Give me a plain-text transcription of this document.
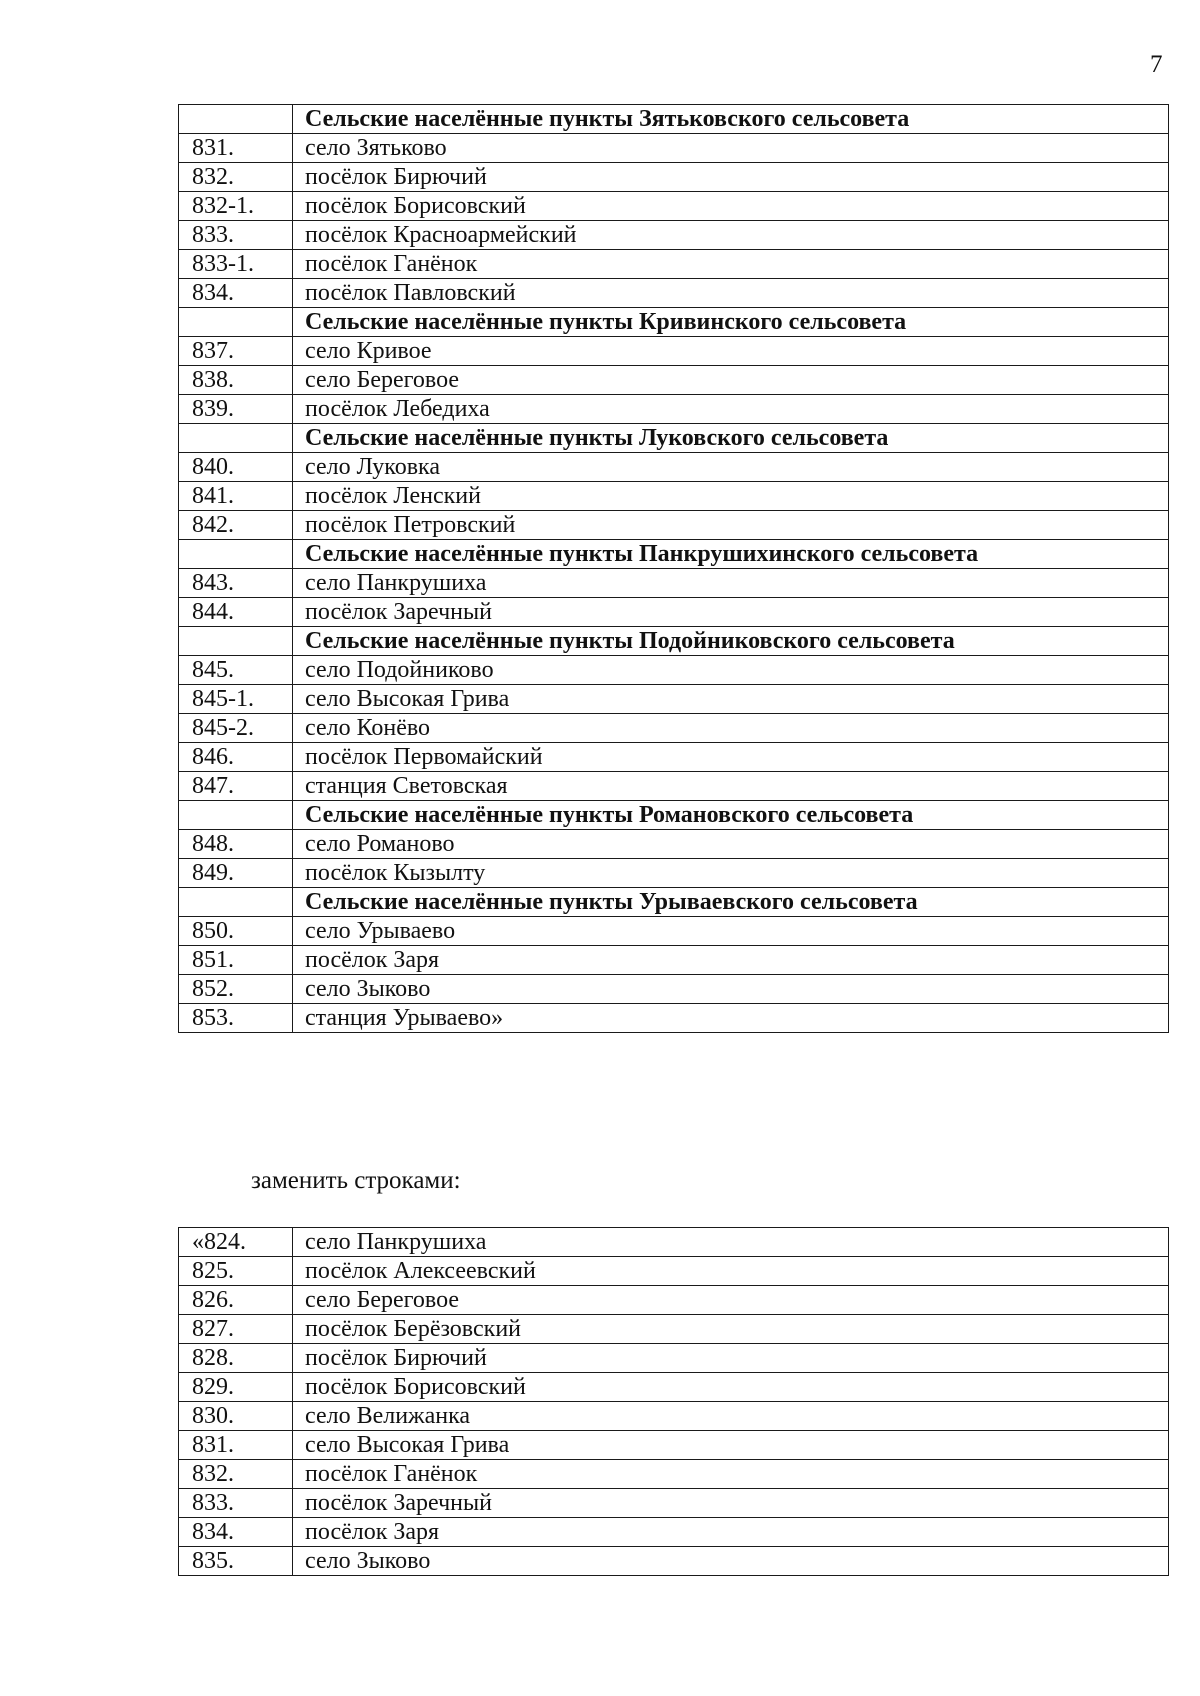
7
	Сельские населённые пункты Зятьковского сельсовета
831.	село Зятьково
832.	посёлок Бирючий
832-1.	посёлок Борисовский
833.	посёлок Красноармейский
833-1.	посёлок Ганёнок
834.	посёлок Павловский
	Сельские населённые пункты Кривинского сельсовета
837.	село Кривое
838.	село Береговое
839.	посёлок Лебедиха
	Сельские населённые пункты Луковского сельсовета
840.	село Луковка
841.	посёлок Ленский
842.	посёлок Петровский
	Сельские населённые пункты Панкрушихинского сельсовета
843.	село Панкрушиха
844.	посёлок Заречный
	Сельские населённые пункты Подойниковского сельсовета
845.	село Подойниково
845-1.	село Высокая Грива
845-2.	село Конёво
846.	посёлок Первомайский
847.	станция Световская
	Сельские населённые пункты Романовского сельсовета
848.	село Романово
849.	посёлок Кызылту
	Сельские населённые пункты Урываевского сельсовета
850.	село Урываево
851.	посёлок Заря
852.	село Зыково
853.	станция Урываево»
заменить строками:
«824.	село Панкрушиха
825.	посёлок Алексеевский
826.	село Береговое
827.	посёлок Берёзовский
828.	посёлок Бирючий
829.	посёлок Борисовский
830.	село Велижанка
831.	село Высокая Грива
832.	посёлок Ганёнок
833.	посёлок Заречный
834.	посёлок Заря
835.	село Зыково
